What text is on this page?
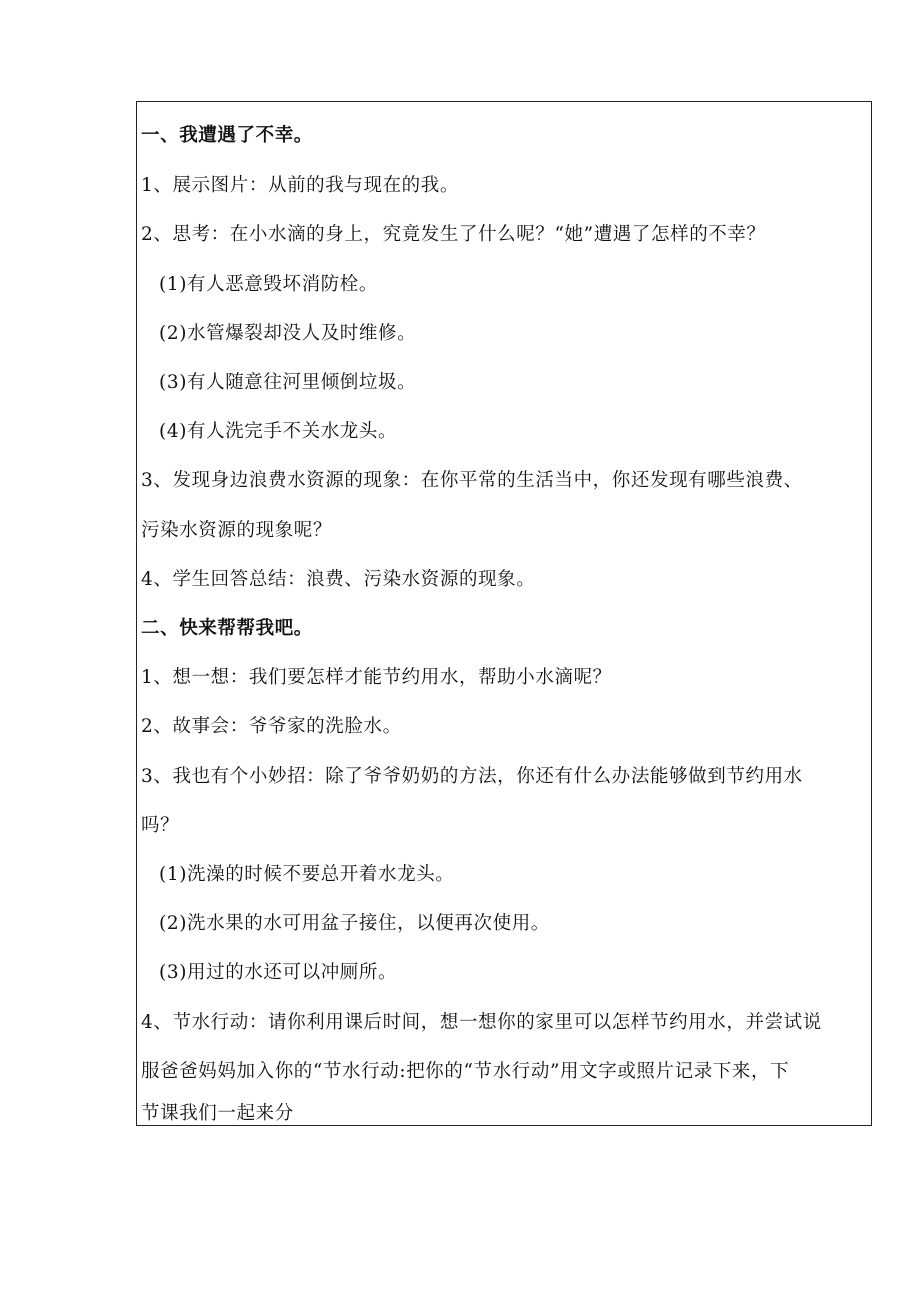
一、我遭遇了不幸。
1、展示图片：从前的我与现在的我。
2、思考：在小水滴的身上，究竟发生了什么呢？“她”遭遇了怎样的不幸？
(1)有人恶意毁坏消防栓。
(2)水管爆裂却没人及时维修。
(3)有人随意往河里倾倒垃圾。
(4)有人洗完手不关水龙头。
3、发现身边浪费水资源的现象：在你平常的生活当中，你还发现有哪些浪费、
污染水资源的现象呢？
4、学生回答总结：浪费、污染水资源的现象。
二、快来帮帮我吧。
1、想一想：我们要怎样才能节约用水，帮助小水滴呢？
2、故事会：爷爷家的洗脸水。
3、我也有个小妙招：除了爷爷奶奶的方法，你还有什么办法能够做到节约用水
吗？
(1)洗澡的时候不要总开着水龙头。
(2)洗水果的水可用盆子接住，以便再次使用。
(3)用过的水还可以冲厕所。
4、节水行动：请你利用课后时间，想一想你的家里可以怎样节约用水，并尝试说
服爸爸妈妈加入你的“节水行动:把你的“节水行动”用文字或照片记录下来，下
节课我们一起来分
